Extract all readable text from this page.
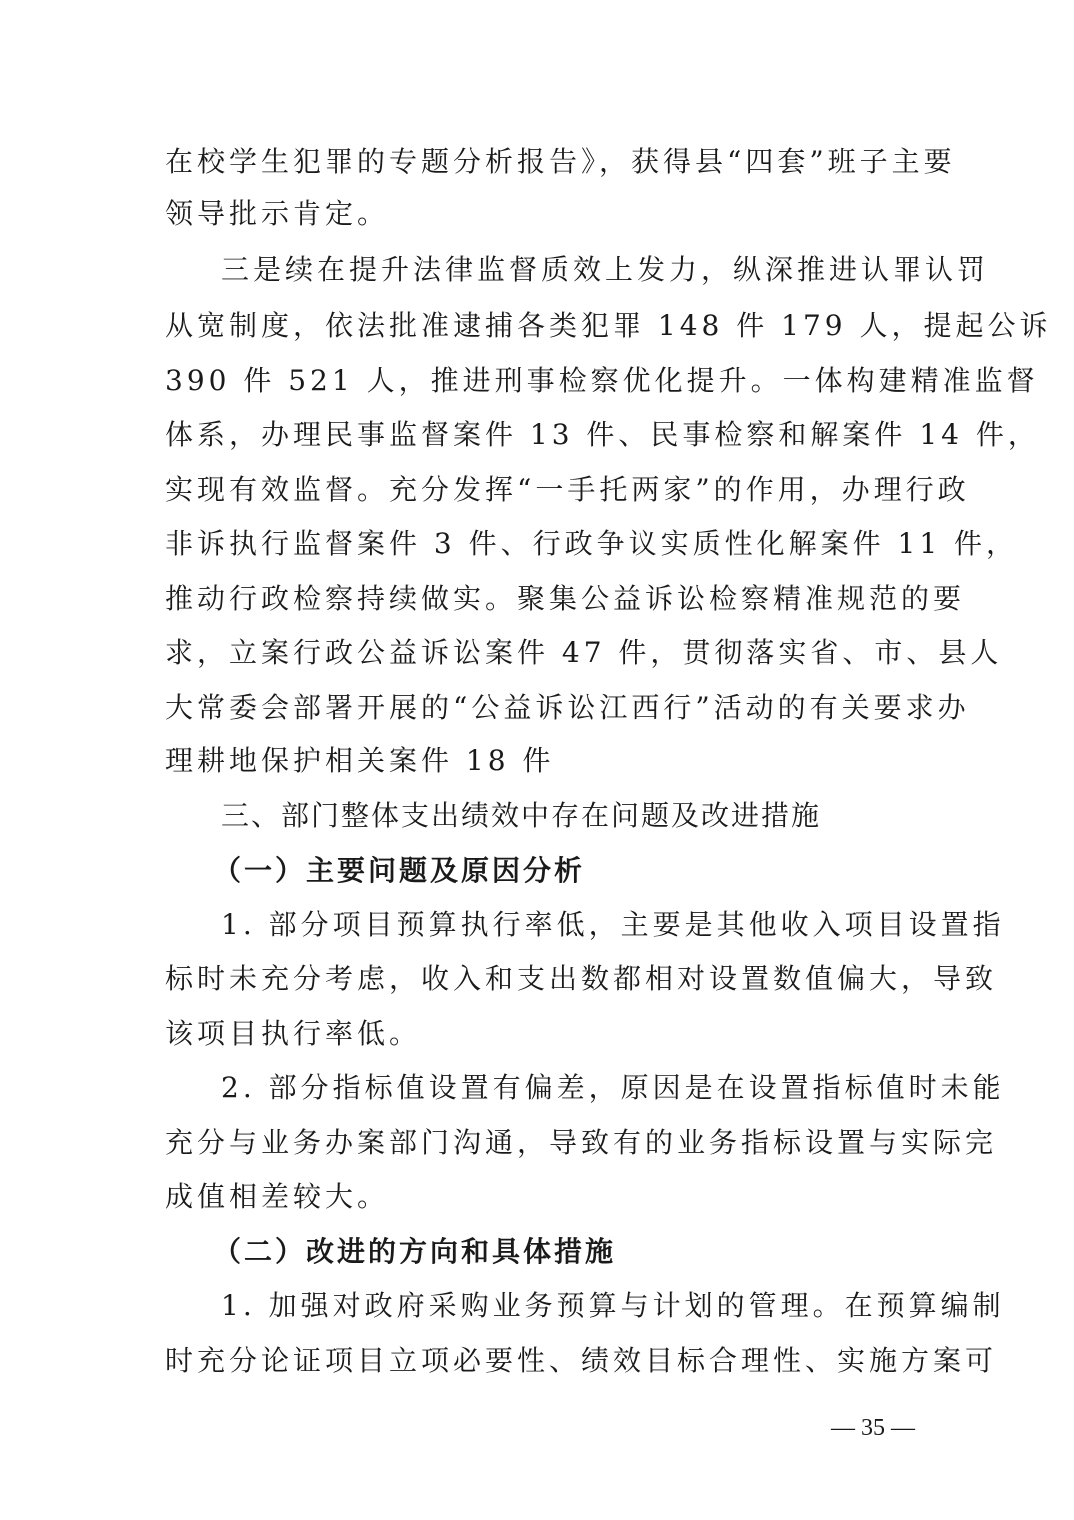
在校学生犯罪的专题分析报告》，获得县“四套”班子主要
领导批示肯定。
三是续在提升法律监督质效上发力，纵深推进认罪认罚
从宽制度，依法批准逮捕各类犯罪 148 件 179 人，提起公诉
390 件 521 人，推进刑事检察优化提升。一体构建精准监督
体系，办理民事监督案件 13 件、民事检察和解案件 14 件，
实现有效监督。充分发挥“一手托两家”的作用，办理行政
非诉执行监督案件 3 件、行政争议实质性化解案件 11 件，
推动行政检察持续做实。聚集公益诉讼检察精准规范的要
求，立案行政公益诉讼案件 47 件，贯彻落实省、市、县人
大常委会部署开展的“公益诉讼江西行”活动的有关要求办
理耕地保护相关案件 18 件
三、部门整体支出绩效中存在问题及改进措施
（一）主要问题及原因分析
1. 部分项目预算执行率低，主要是其他收入项目设置指
标时未充分考虑，收入和支出数都相对设置数值偏大，导致
该项目执行率低。
2. 部分指标值设置有偏差，原因是在设置指标值时未能
充分与业务办案部门沟通，导致有的业务指标设置与实际完
成值相差较大。
（二）改进的方向和具体措施
1. 加强对政府采购业务预算与计划的管理。在预算编制
时充分论证项目立项必要性、绩效目标合理性、实施方案可
— 35 —
